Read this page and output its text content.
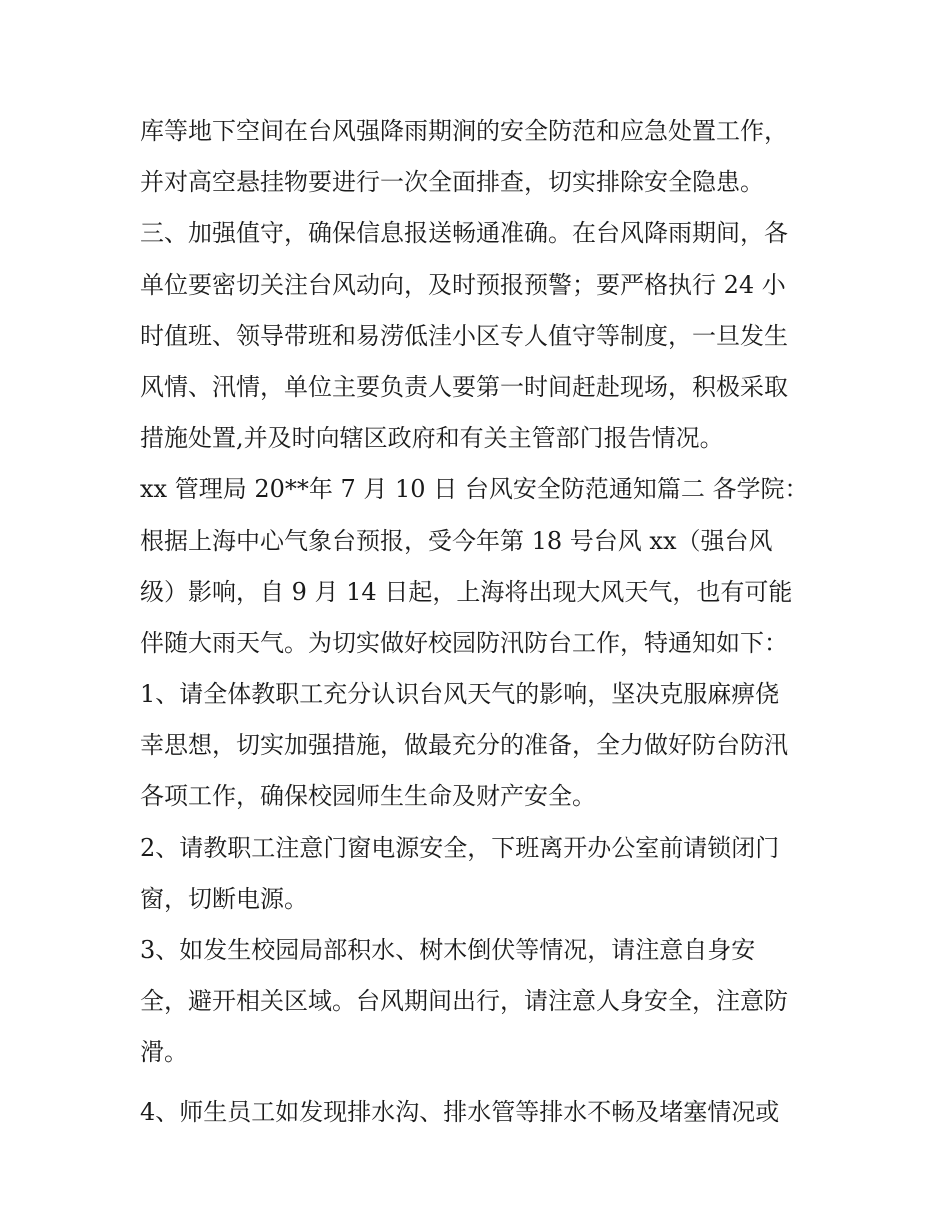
库等地下空间在台风强降雨期涧的安全防范和应急处置工作，
并对高空悬挂物要进行一次全面排查，切实排除安全隐患。
三、加强值守，确保信息报送畅通准确。在台风降雨期间，各
单位要密切关注台风动向，及时预报预警；要严格执行 24 小
时值班、领导带班和易涝低洼小区专人值守等制度，一旦发生
风情、汛情，单位主要负责人要第一时间赶赴现场，积极采取
措施处置,并及时向辖区政府和有关主管部门报告情况。
xx 管理局 20**年 7 月 10 日 台风安全防范通知篇二 各学院：
根据上海中心气象台预报，受今年第 18 号台风 xx（强台风
级）影响，自 9 月 14 日起，上海将出现大风天气，也有可能
伴随大雨天气。为切实做好校园防汛防台工作，特通知如下：
1、请全体教职工充分认识台风天气的影响，坚决克服麻痹侥
幸思想，切实加强措施，做最充分的准备，全力做好防台防汛
各项工作，确保校园师生生命及财产安全。
2、请教职工注意门窗电源安全，下班离开办公室前请锁闭门
窗，切断电源。
3、如发生校园局部积水、树木倒伏等情况，请注意自身安
全，避开相关区域。台风期间出行，请注意人身安全，注意防
滑。
4、师生员工如发现排水沟、排水管等排水不畅及堵塞情况或
